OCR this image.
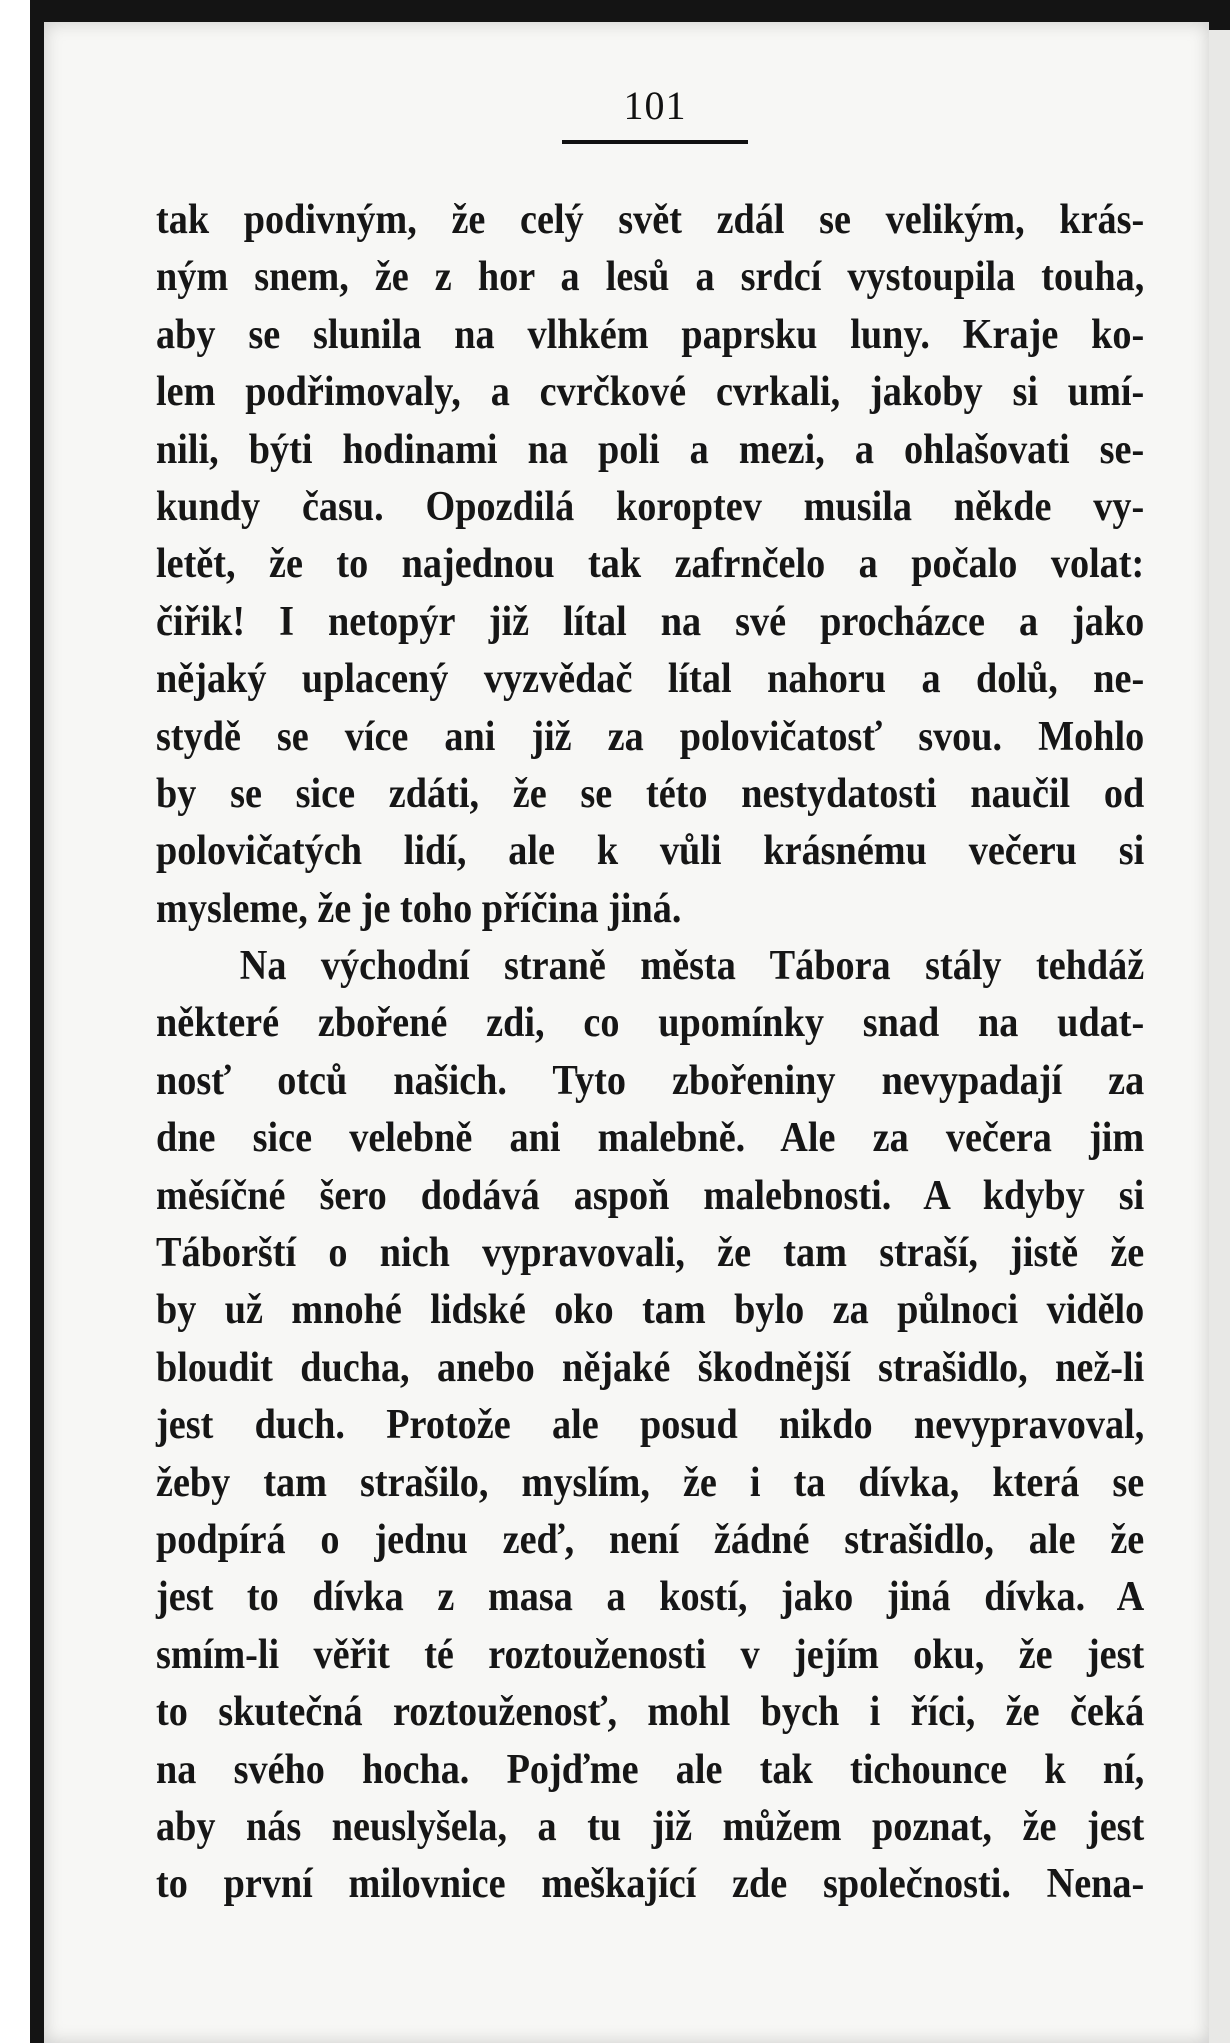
101
tak podivným, že celý svět zdál se velikým, krás-
ným snem, že z hor a lesů a srdcí vystoupila touha,
aby se slunila na vlhkém paprsku luny. Kraje ko-
lem podřimovaly, a cvrčkové cvrkali, jakoby si umí-
nili, býti hodinami na poli a mezi, a ohlašovati se-
kundy času. Opozdilá koroptev musila někde vy-
letět, že to najednou tak zafrnčelo a počalo volat:
čiřik! I netopýr již lítal na své procházce a jako
nějaký uplacený vyzvědač lítal nahoru a dolů, ne-
stydě se více ani již za polovičatosť svou. Mohlo
by se sice zdáti, že se této nestydatosti naučil od
polovičatých lidí, ale k vůli krásnému večeru si
mysleme, že je toho příčina jiná.
Na východní straně města Tábora stály tehdáž
některé zbořené zdi, co upomínky snad na udat-
nosť otců našich. Tyto zbořeniny nevypadají za
dne sice velebně ani malebně. Ale za večera jim
měsíčné šero dodává aspoň malebnosti. A kdyby si
Táborští o nich vypravovali, že tam straší, jistě že
by už mnohé lidské oko tam bylo za půlnoci vidělo
bloudit ducha, anebo nějaké škodnější strašidlo, než-li
jest duch. Protože ale posud nikdo nevypravoval,
žeby tam strašilo, myslím, že i ta dívka, která se
podpírá o jednu zeď, není žádné strašidlo, ale že
jest to dívka z masa a kostí, jako jiná dívka. A
smím-li věřit té roztouženosti v jejím oku, že jest
to skutečná roztouženosť, mohl bych i říci, že čeká
na svého hocha. Pojďme ale tak tichounce k ní,
aby nás neuslyšela, a tu již můžem poznat, že jest
to první milovnice meškající zde společnosti. Nena-
